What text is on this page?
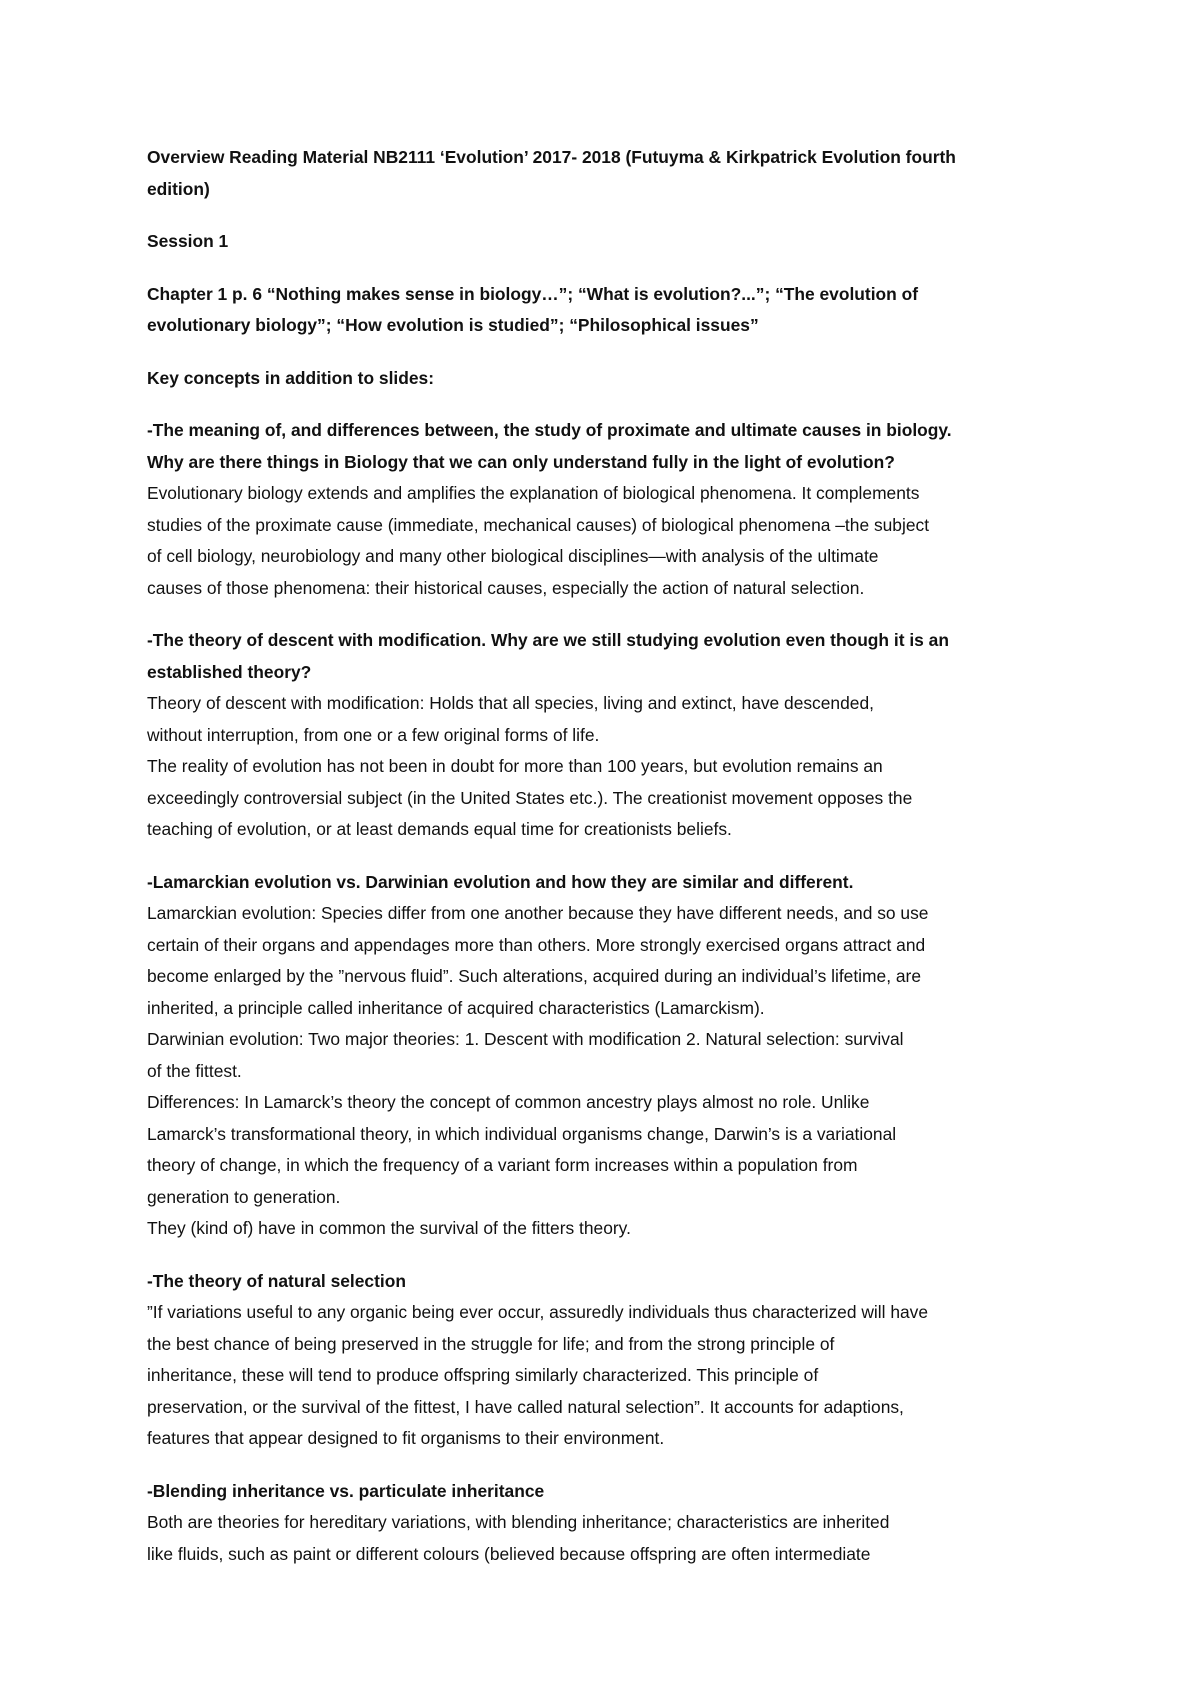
Overview Reading Material NB2111 ‘Evolution’ 2017- 2018 (Futuyma & Kirkpatrick Evolution fourth
edition)
Session 1
Chapter 1 p. 6 “Nothing makes sense in biology…”; “What is evolution?...”; “The evolution of
evolutionary biology”; “How evolution is studied”; “Philosophical issues”
Key concepts in addition to slides:
-The meaning of, and differences between, the study of proximate and ultimate causes in biology.
Why are there things in Biology that we can only understand fully in the light of evolution?
Evolutionary biology extends and amplifies the explanation of biological phenomena. It complements
studies of the proximate cause (immediate, mechanical causes) of biological phenomena –the subject
of cell biology, neurobiology and many other biological disciplines—with analysis of the ultimate
causes of those phenomena: their historical causes, especially the action of natural selection.
-The theory of descent with modification. Why are we still studying evolution even though it is an
established theory?
Theory of descent with modification: Holds that all species, living and extinct, have descended,
without interruption, from one or a few original forms of life.
The reality of evolution has not been in doubt for more than 100 years, but evolution remains an
exceedingly controversial subject (in the United States etc.). The creationist movement opposes the
teaching of evolution, or at least demands equal time for creationists beliefs.
-Lamarckian evolution vs. Darwinian evolution and how they are similar and different.
Lamarckian evolution: Species differ from one another because they have different needs, and so use
certain of their organs and appendages more than others. More strongly exercised organs attract and
become enlarged by the ”nervous fluid”. Such alterations, acquired during an individual’s lifetime, are
inherited, a principle called inheritance of acquired characteristics (Lamarckism).
Darwinian evolution: Two major theories: 1. Descent with modification 2. Natural selection: survival
of the fittest.
Differences: In Lamarck’s theory the concept of common ancestry plays almost no role. Unlike
Lamarck’s transformational theory, in which individual organisms change, Darwin’s is a variational
theory of change, in which the frequency of a variant form increases within a population from
generation to generation.
They (kind of) have in common the survival of the fitters theory.
-The theory of natural selection
”If variations useful to any organic being ever occur, assuredly individuals thus characterized will have
the best chance of being preserved in the struggle for life; and from the strong principle of
inheritance, these will tend to produce offspring similarly characterized. This principle of
preservation, or the survival of the fittest, I have called natural selection”. It accounts for adaptions,
features that appear designed to fit organisms to their environment.
-Blending inheritance vs. particulate inheritance
Both are theories for hereditary variations, with blending inheritance; characteristics are inherited
like fluids, such as paint or different colours (believed because offspring are often intermediate
